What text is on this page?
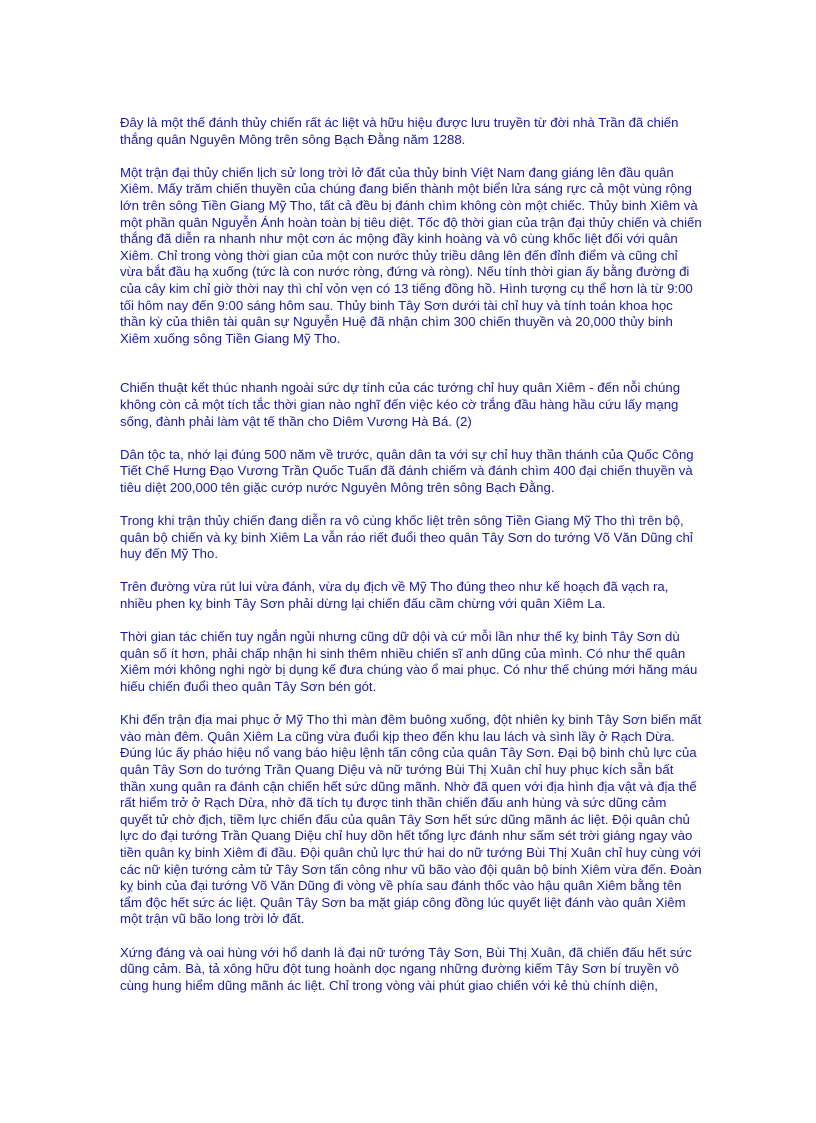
Đây là một thế đánh thủy chiến rất ác liệt và hữu hiệu được lưu truyền từ đời nhà Trần đã chiến thắng quân Nguyên Mông trên sông Bạch Đằng năm 1288.

Một trận đại thủy chiến lịch sử long trời lở đất của thủy binh Việt Nam đang giáng lên đầu quân Xiêm. Mấy trăm chiến thuyền của chúng đang biến thành một biển lửa sáng rực cả một vùng rộng lớn trên sông Tiền Giang Mỹ Tho, tất cả đều bị đánh chìm không còn một chiếc. Thủy binh Xiêm và một phần quân Nguyễn Ánh hoàn toàn bị tiêu diệt. Tốc độ thời gian của trận đại thủy chiến và chiến thắng đã diễn ra nhanh như một cơn ác mộng đầy kinh hoàng và vô cùng khốc liệt đối với quân Xiêm. Chỉ trong vòng thời gian của một con nước thủy triều dâng lên đến đỉnh điểm và cũng chỉ vừa bắt đầu hạ xuống (tức là con nước ròng, đứng và ròng). Nếu tính thời gian ấy bằng đường đi của cây kim chỉ giờ thời nay thì chỉ vỏn vẹn có 13 tiếng đồng hồ. Hình tượng cụ thể hơn là từ 9:00 tối hôm nay đến 9:00 sáng hôm sau. Thủy binh Tây Sơn dưới tài chỉ huy và tính toán khoa học thần kỳ của thiên tài quân sự Nguyễn Huệ đã nhận chìm 300 chiến thuyền và 20,000 thủy binh Xiêm xuống sông Tiền Giang Mỹ Tho.

Chiến thuật kết thúc nhanh ngoài sức dự tính của các tướng chỉ huy quân Xiêm - đến nỗi chúng không còn cả một tích tắc thời gian nào nghĩ đến việc kéo cờ trắng đầu hàng hầu cứu lấy mạng sống, đành phải làm vật tế thần cho Diêm Vương Hà Bá. (2)

Dân tộc ta, nhớ lại đúng 500 năm về trước, quân dân ta với sự chỉ huy thần thánh của Quốc Công Tiết Chế Hưng Đạo Vương Trần Quốc Tuấn đã đánh chiếm và đánh chìm 400 đại chiến thuyền và tiêu diệt 200,000 tên giặc cướp nước Nguyên Mông trên sông Bạch Đằng.

Trong khi trận thủy chiến đang diễn ra vô cùng khốc liệt trên sông Tiền Giang Mỹ Tho thì trên bộ, quân bộ chiến và kỵ binh Xiêm La vẫn ráo riết đuổi theo quân Tây Sơn do tướng Võ Văn Dũng chỉ huy đến Mỹ Tho.

Trên đường vừa rút lui vừa đánh, vừa dụ địch về Mỹ Tho đúng theo như kế hoạch đã vạch ra, nhiều phen kỵ binh Tây Sơn phải dừng lại chiến đấu cầm chừng với quân Xiêm La.

Thời gian tác chiến tuy ngắn ngủi nhưng cũng dữ dội và cứ mỗi lần như thế kỵ binh Tây Sơn dù quân số ít hơn, phải chấp nhận hi sinh thêm nhiều chiến sĩ anh dũng của mình. Có như thế quân Xiêm mới không nghi ngờ bị dụng kế đưa chúng vào ổ mai phục. Có như thế chúng mới hăng máu hiếu chiến đuổi theo quân Tây Sơn bén gót.

Khi đến trận địa mai phục ở Mỹ Tho thì màn đêm buông xuống, đột nhiên kỵ binh Tây Sơn biến mất vào màn đêm. Quân Xiêm La cũng vừa đuổi kịp theo đến khu lau lách và sình lầy ở Rạch Dừa. Đúng lúc ấy pháo hiệu nổ vang báo hiệu lệnh tấn công của quân Tây Sơn. Đại bộ binh chủ lực của quân Tây Sơn do tướng Trần Quang Diệu và nữ tướng Bùi Thị Xuân chỉ huy phục kích sẵn bất thần xung quân ra đánh cận chiến hết sức dũng mãnh. Nhờ đã quen với địa hình địa vật và địa thế rất hiểm trở ở Rạch Dừa, nhờ đã tích tụ được tinh thần chiến đấu anh hùng và sức dũng cảm quyết tử chờ địch, tiềm lực chiến đấu của quân Tây Sơn hết sức dũng mãnh ác liệt. Đội quân chủ lực do đại tướng Trần Quang Diệu chỉ huy dồn hết tổng lực đánh như sấm sét trời giáng ngay vào tiền quân kỵ binh Xiêm đi đầu. Đội quân chủ lực thứ hai do nữ tướng Bùi Thị Xuân chỉ huy cùng với các nữ kiện tướng cảm tử Tây Sơn tấn công như vũ bão vào đội quân bộ binh Xiêm vừa đến. Đoàn kỵ binh của đại tướng Võ Văn Dũng đi vòng về phía sau đánh thốc vào hậu quân Xiêm bằng tên tẩm độc hết sức ác liệt. Quân Tây Sơn ba mặt giáp công đồng lúc quyết liệt đánh vào quân Xiêm một trận vũ bão long trời lở đất.

Xứng đáng và oai hùng với hổ danh là đại nữ tướng Tây Sơn, Bùi Thị Xuân, đã chiến đấu hết sức dũng cảm. Bà, tả xông hữu đột tung hoành dọc ngang những đường kiếm Tây Sơn bí truyền vô cùng hung hiểm dũng mãnh ác liệt. Chỉ trong vòng vài phút giao chiến với kẻ thù chính diện,
